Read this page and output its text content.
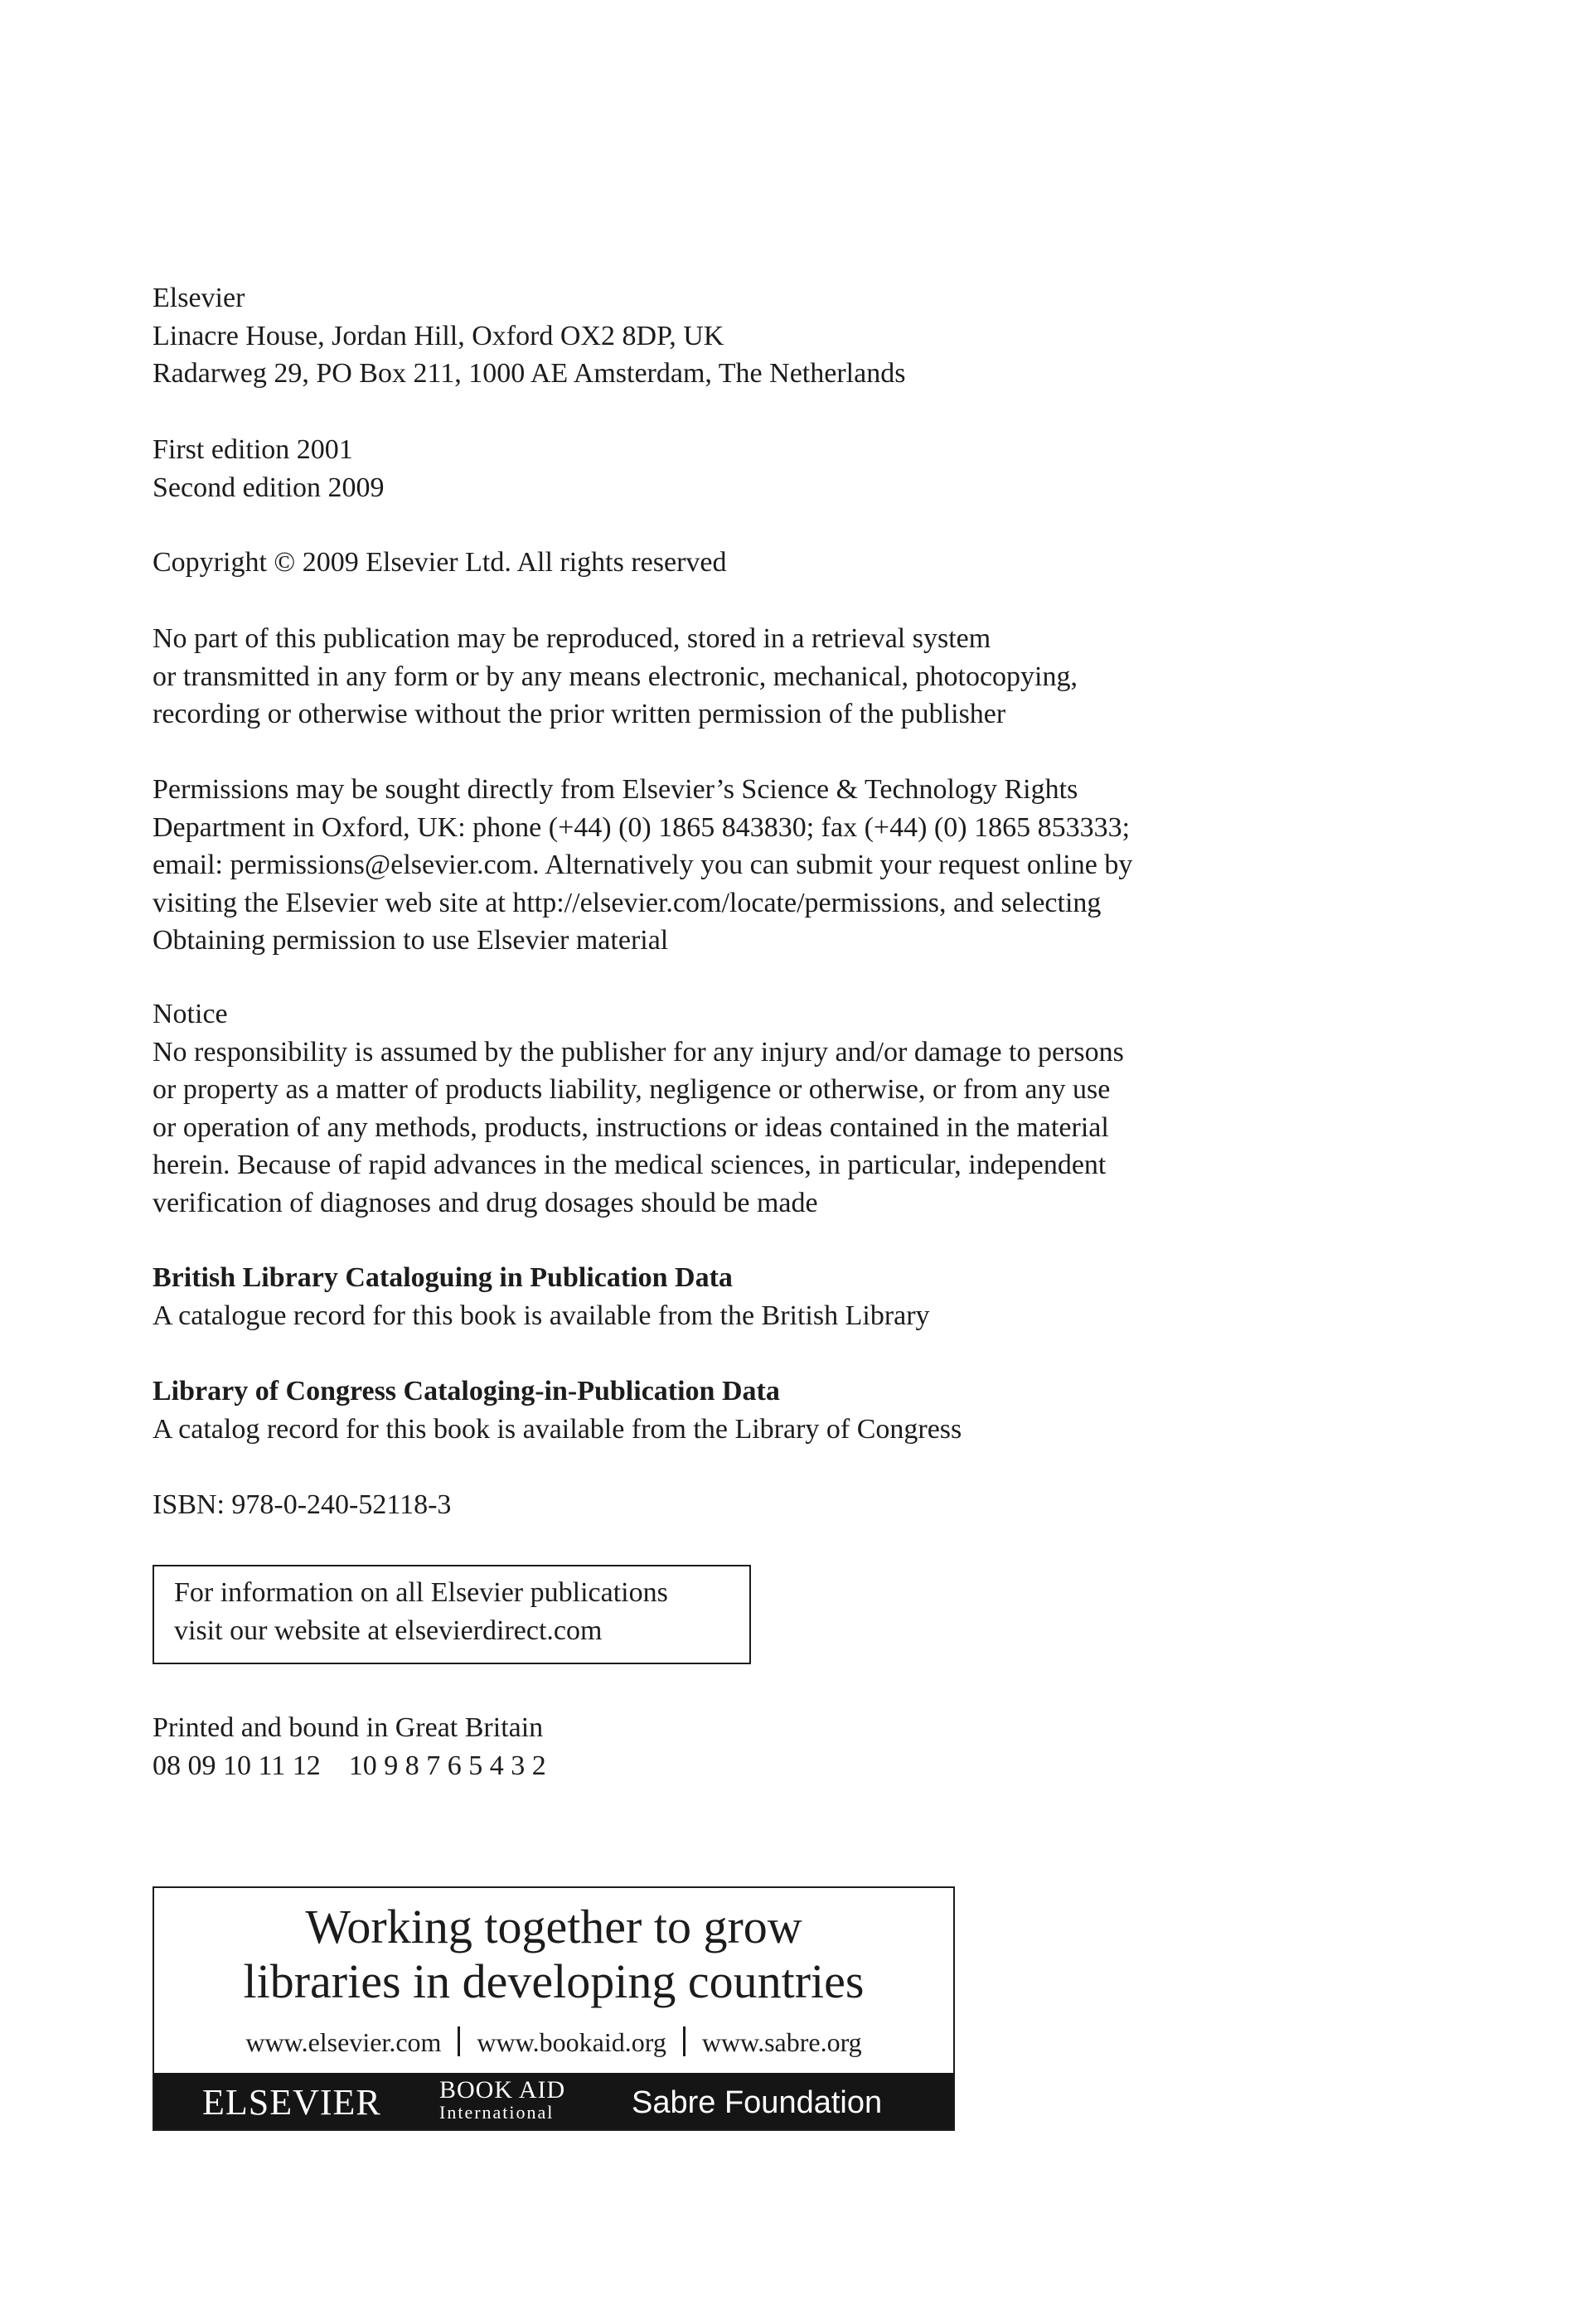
Elsevier
Linacre House, Jordan Hill, Oxford OX2 8DP, UK
Radarweg 29, PO Box 211, 1000 AE Amsterdam, The Netherlands
First edition 2001
Second edition 2009
Copyright © 2009 Elsevier Ltd. All rights reserved
No part of this publication may be reproduced, stored in a retrieval system
or transmitted in any form or by any means electronic, mechanical, photocopying,
recording or otherwise without the prior written permission of the publisher
Permissions may be sought directly from Elsevier’s Science & Technology Rights
Department in Oxford, UK: phone (+44) (0) 1865 843830; fax (+44) (0) 1865 853333;
email: permissions@elsevier.com. Alternatively you can submit your request online by
visiting the Elsevier web site at http://elsevier.com/locate/permissions, and selecting
Obtaining permission to use Elsevier material
Notice
No responsibility is assumed by the publisher for any injury and/or damage to persons
or property as a matter of products liability, negligence or otherwise, or from any use
or operation of any methods, products, instructions or ideas contained in the material
herein. Because of rapid advances in the medical sciences, in particular, independent
verification of diagnoses and drug dosages should be made
British Library Cataloguing in Publication Data
A catalogue record for this book is available from the British Library
Library of Congress Cataloging-in-Publication Data
A catalog record for this book is available from the Library of Congress
ISBN: 978-0-240-52118-3
For information on all Elsevier publications
visit our website at elsevierdirect.com
Printed and bound in Great Britain
08 09 10 11 12    10 9 8 7 6 5 4 3 2
Working together to grow
libraries in developing countries
www.elsevier.com www.bookaid.org www.sabre.org
ELSEVIER BOOK AID
International	Sabre Foundation
